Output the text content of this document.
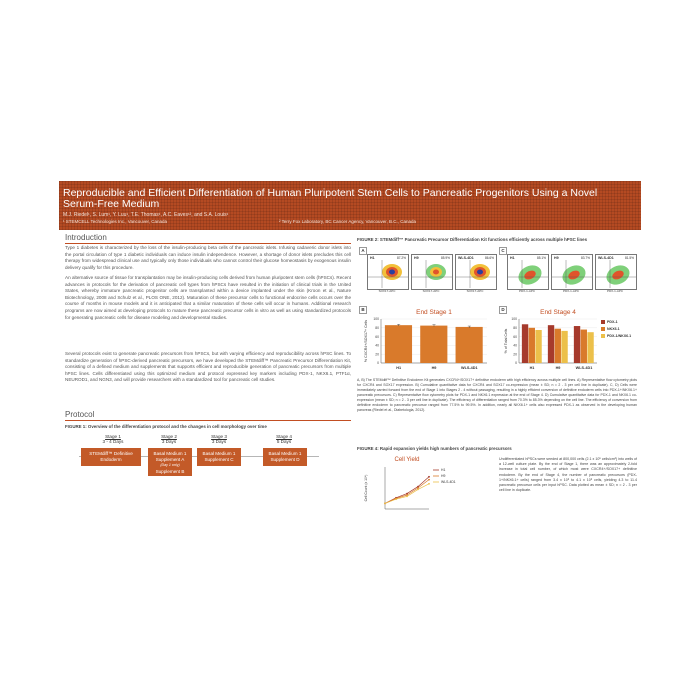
Reproducible and Efficient Differentiation of Human Pluripotent Stem Cells to Pancreatic Progenitors Using a Novel Serum-Free Medium
M.J. Riedel¹, S. Lum¹, Y. Luu¹, T.E. Thomas¹, A.C. Eaves¹², and S.A. Louis¹
¹ STEMCELL Technologies Inc., Vancouver, Canada	² Terry Fox Laboratory, BC Cancer Agency, Vancouver, B.C., Canada
Introduction
Type 1 diabetes is characterized by the loss of the insulin-producing beta cells of the pancreatic islets. Infusing cadaveric donor islets into the portal circulation of type 1 diabetic individuals can induce insulin independence. However, a shortage of donor islets precludes this cell therapy from widespread clinical use and typically only those individuals who cannot control their glucose homeostasis by exogenous insulin delivery qualify for this procedure.
An alternative source of tissue for transplantation may be insulin-producing cells derived from human pluripotent stem cells (hPSCs). Recent advances in protocols for the derivation of pancreatic cell types from hPSCs have resulted in the initiation of clinical trials in the United States, whereby immature pancreatic progenitor cells are transplanted within a device implanted under the skin (Kroon et al., Nature Biotechnology, 2008 and Schulz et al., PLOS ONE, 2012). Maturation of these precursor cells to functional endocrine cells occurs over the course of months in mouse models and it is anticipated that a similar maturation of these cells will occur in humans. Additional research programs are now aimed at developing protocols to mature these pancreatic precursor cells in vitro as well as using standardized protocols for generating pancreatic cells for disease modeling and developmental studies.
Several protocols exist to generate pancreatic precursors from hPSCs, but with varying efficiency and reproducibility across hPSC lines. To standardize generation of hPSC-derived pancreatic precursors, we have developed the STEMdiff™ Pancreatic Precursor Differentiation Kit, consisting of a defined medium and supplements that supports efficient and reproducible generation of pancreatic precursors from multiple hPSC lines. Cells differentiated using this optimized medium and protocol expressed key markers including PDX-1, NKX6.1, PTF1α, NEUROD1, and NGN3, and will provide researchers with a standardized tool for pancreatic cell studies.
Protocol
FIGURE 1: Overview of the differentiation protocol and the changes in cell morphology over time
Stage 1
3 - 4 Days
Stage 2
3 Days
Stage 3
3 Days
Stage 4
5 Days
STEMdiff™ Definitive Endoderm
Basal Medium 1 Supplement A
(Day 1 only)
Supplement B
Basal Medium 1 Supplement C
Basal Medium 1 Supplement D
FIGURE 2: STEMdiff™ Pancreatic Precursor Differentiation Kit functions efficiently across multiple hPSC lines
A	C
B	D
H1	87.2% H9	85.9% WLS-4D1	86.6%
SOX17-APC	SOX17-APC	SOX17-APC
H1	85.1% H9	83.7% WLS-4D1	81.5%
PDX-1-APC	PDX-1-APC	PDX-1-APC
End Stage 1
% CXCR4+/SOX17+ Cells
0
20
40
60
80
100
H1	H9	WLS-4D1
End Stage 4
% of Total Cells
0
20
40
60
80
100
H1	H9	WLS-4D1
PDX-1
NKX6.1
PDX-1/NKX6.1
A, B) The STEMdiff™ Definitive Endoderm Kit generates CXCR4+/SOX17+ definitive endoderm with high efficiency across multiple cell lines. A) Representative flow cytometry plots for CXCR4 and SOX17 expression. B) Cumulative quantitative data for CXCR4 and SOX17 co-expression (mean ± SD; n = 2 - 3 per cell line in duplicate). C, D) Cells were immediately carried forward from the end of Stage 1 into Stages 2 - 4 without passaging, resulting in a highly efficient conversion of definitive endoderm cells into PDX-1+/NKX6.1+ pancreatic precursors. C) Representative flow cytometry plots for PDX-1 and NKX6.1 expression at the end of Stage 4. D) Cumulative quantitative data for PDX-1 and NKX6.1 co-expression (mean ± SD; n = 2 - 3 per cell line in duplicate). The efficiency of differentiation ranged from 70.3% to 85.3% depending on the cell line. The efficiency of conversion from definitive endoderm to pancreatic precursor ranged from 77.5% to 99.5%. In addition, nearly all NKX6.1+ cells also expressed PDX-1 as observed in the developing human pancreas (Riedel et al., Diabetologia, 2012).
FIGURE 4: Rapid expansion yields high numbers of pancreatic precursors
Cell Yield
Cell Count (x 10⁶)
H1
H9
WLS-4D1
Undifferentiated hPSCs were seeded at 800,000 cells (2.1 x 10⁵ cells/cm²) into wells of a 12-well culture plate. By the end of Stage 1, there was an approximately 2-fold increase in total cell number, of which most were CXCR4+/SOX17+ definitive endoderm. By the end of Stage 4, the number of pancreatic precursors (PDX-1+/NKX6.1+ cells) ranged from 3.4 x 10⁶ to 4.1 x 10⁶ cells, yielding 4.3 to 11.4 pancreatic precursor cells per input hPSC. Data plotted as mean ± SD; n = 2 - 3 per cell line in duplicate.
